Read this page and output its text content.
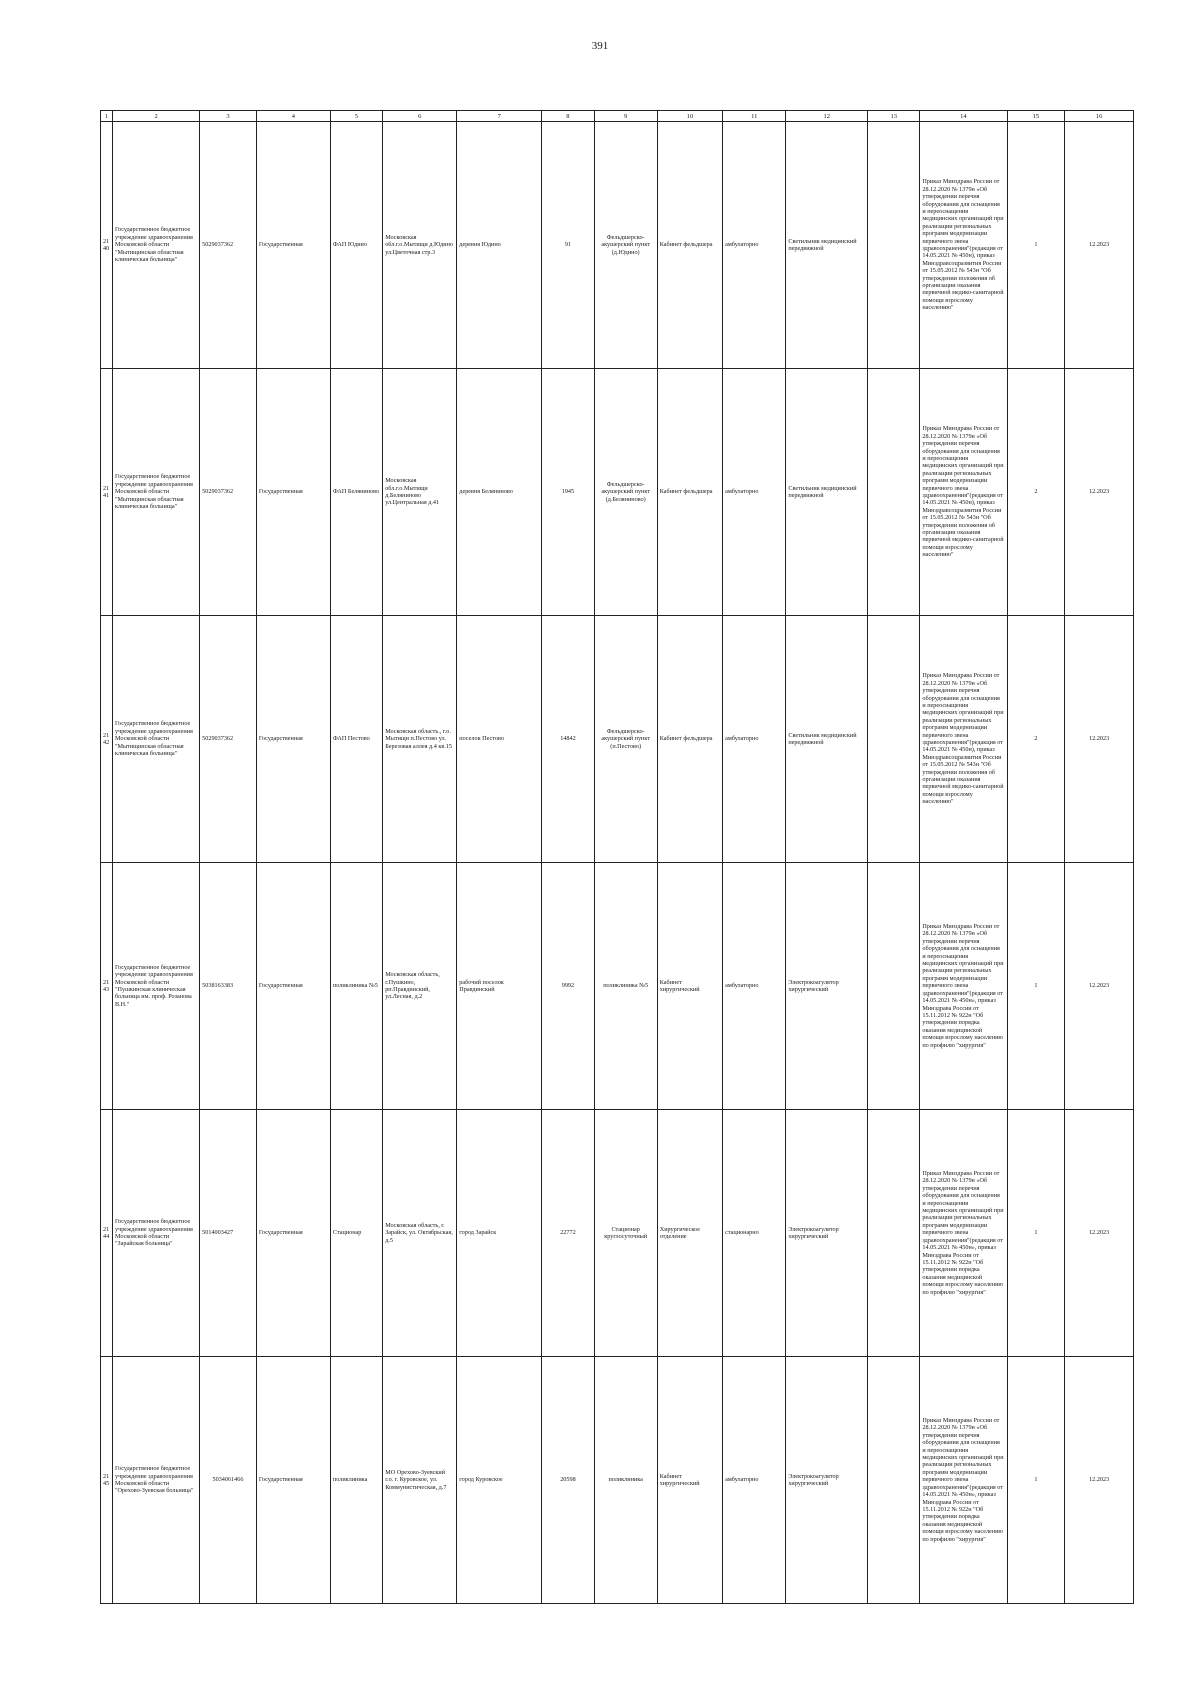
391
1	2	3	4	5	6	7	8	9	10	11	12	13	14	15	16
2140	Государственное бюджетное учреждение здравоохранения Московской области "Мытищинская областная клиническая больница"	5029037362	Государственная	ФАП Юдино	Московская обл.г.о.Мытищи д.Юдино ул.Цветочная стр.3	деревня Юдино	91	Фельдшерско-акушерский пункт (д.Юдино)	Кабинет фельдшера	амбулаторно	Светильник медицинский передвижной		Приказ Минздрава России от 28.12.2020 № 1379н «Об утверждении перечня оборудования для оснащения и переоснащения медицинских организаций при реализации региональных программ модернизации первичного звена здравоохранения"(редакция от 14.05.2021 № 450н), приказ Минздравсоцразвития России от 15.05.2012 № 543н "Об утверждении положения об организации оказания первичной медико-санитарной помощи взрослому населению"	1	12.2023
2141	Государственное бюджетное учреждение здравоохранения Московской области "Мытищинская областная клиническая больница"	5029037362	Государственная	ФАП Беляниново	Московская обл.г.о.Мытищи д.Беляниново ул.Центральная д.41	деревня Беляниново	1945	Фельдшерско-акушерский пункт (д.Беляниново)	Кабинет фельдшера	амбулаторно	Светильник медицинский передвижной		Приказ Минздрава России от 28.12.2020 № 1379н «Об утверждении перечня оборудования для оснащения и переоснащения медицинских организаций при реализации региональных программ модернизации первичного звена здравоохранения"(редакция от 14.05.2021 № 450н), приказ Минздравсоцразвития России от 15.05.2012 № 543н "Об утверждении положения об организации оказания первичной медико-санитарной помощи взрослому населению"	2	12.2023
2142	Государственное бюджетное учреждение здравоохранения Московской области "Мытищинская областная клиническая больница"	5029037362	Государственная	ФАП Пестово	Московская область., г.о. Мытищи п.Пестово ул. Березовая аллея д.4 кв.15	поселок Пестово	14842	Фельдшерско-акушерский пункт (п.Пестово)	Кабинет фельдшера	амбулаторно	Светильник медицинский передвижной		Приказ Минздрава России от 28.12.2020 № 1379н «Об утверждении перечня оборудования для оснащения и переоснащения медицинских организаций при реализации региональных программ модернизации первичного звена здравоохранения"(редакция от 14.05.2021 № 450н), приказ Минздравсоцразвития России от 15.05.2012 № 543н "Об утверждении положения об организации оказания первичной медико-санитарной помощи взрослому населению"	2	12.2023
2143	Государственное бюджетное учреждение здравоохранения Московской области "Пушкинская клиническая больница им. проф. Розанова В.Н."	5038163383	Государственная	поликлиника №5	Московская область, г.Пушкино, рп.Правдинский, ул.Лесная, д.2	рабочий поселок Правдинский	9992	поликлиника №5	Кабинет хирургический	амбулаторно	Электрокоагулятор хирургический		Приказ Минздрава России от 28.12.2020 № 1379н «Об утверждении перечня оборудования для оснащения и переоснащения медицинских организаций при реализации региональных программ модернизации первичного звена здравоохранения"(редакция от 14.05.2021 № 450н», приказ Минздрава России от 15.11.2012 № 922н "Об утверждении порядка оказания медицинской помощи взрослому населению по профилю "хирургия"	1	12.2023
2144	Государственное бюджетное учреждение здравоохранения Московской области "Зарайская больница"	5014003427	Государственная	Стационар	Московская область, г. Зарайск, ул. Октябрьская, д.5	город Зарайск	22772	Стационар круглосуточный	Хирургическое отделение	стационарно	Электрокоагулятор хирургический		Приказ Минздрава России от 28.12.2020 № 1379н «Об утверждении перечня оборудования для оснащения и переоснащения медицинских организаций при реализации региональных программ модернизации первичного звена здравоохранения"(редакция от 14.05.2021 № 450н», приказ Минздрава России от 15.11.2012 № 922н "Об утверждении порядка оказания медицинской помощи взрослому населению по профилю "хирургия"	1	12.2023
2145	Государственное бюджетное учреждение здравоохранения Московской области "Орехово-Зуевская больница"	5034061466	Государственная	поликлиника	МО Орехово-Зуевский г.о. г. Куровское, ул. Коммунистическая, д.7	город Куровское	20598	поликлиника	Кабинет хирургический	амбулаторно	Электрокоагулятор хирургический		Приказ Минздрава России от 28.12.2020 № 1379н «Об утверждении перечня оборудования для оснащения и переоснащения медицинских организаций при реализации региональных программ модернизации первичного звена здравоохранения"(редакция от 14.05.2021 № 450н», приказ Минздрава России от 15.11.2012 № 922н "Об утверждении порядка оказания медицинской помощи взрослому населению по профилю "хирургия"	1	12.2023
